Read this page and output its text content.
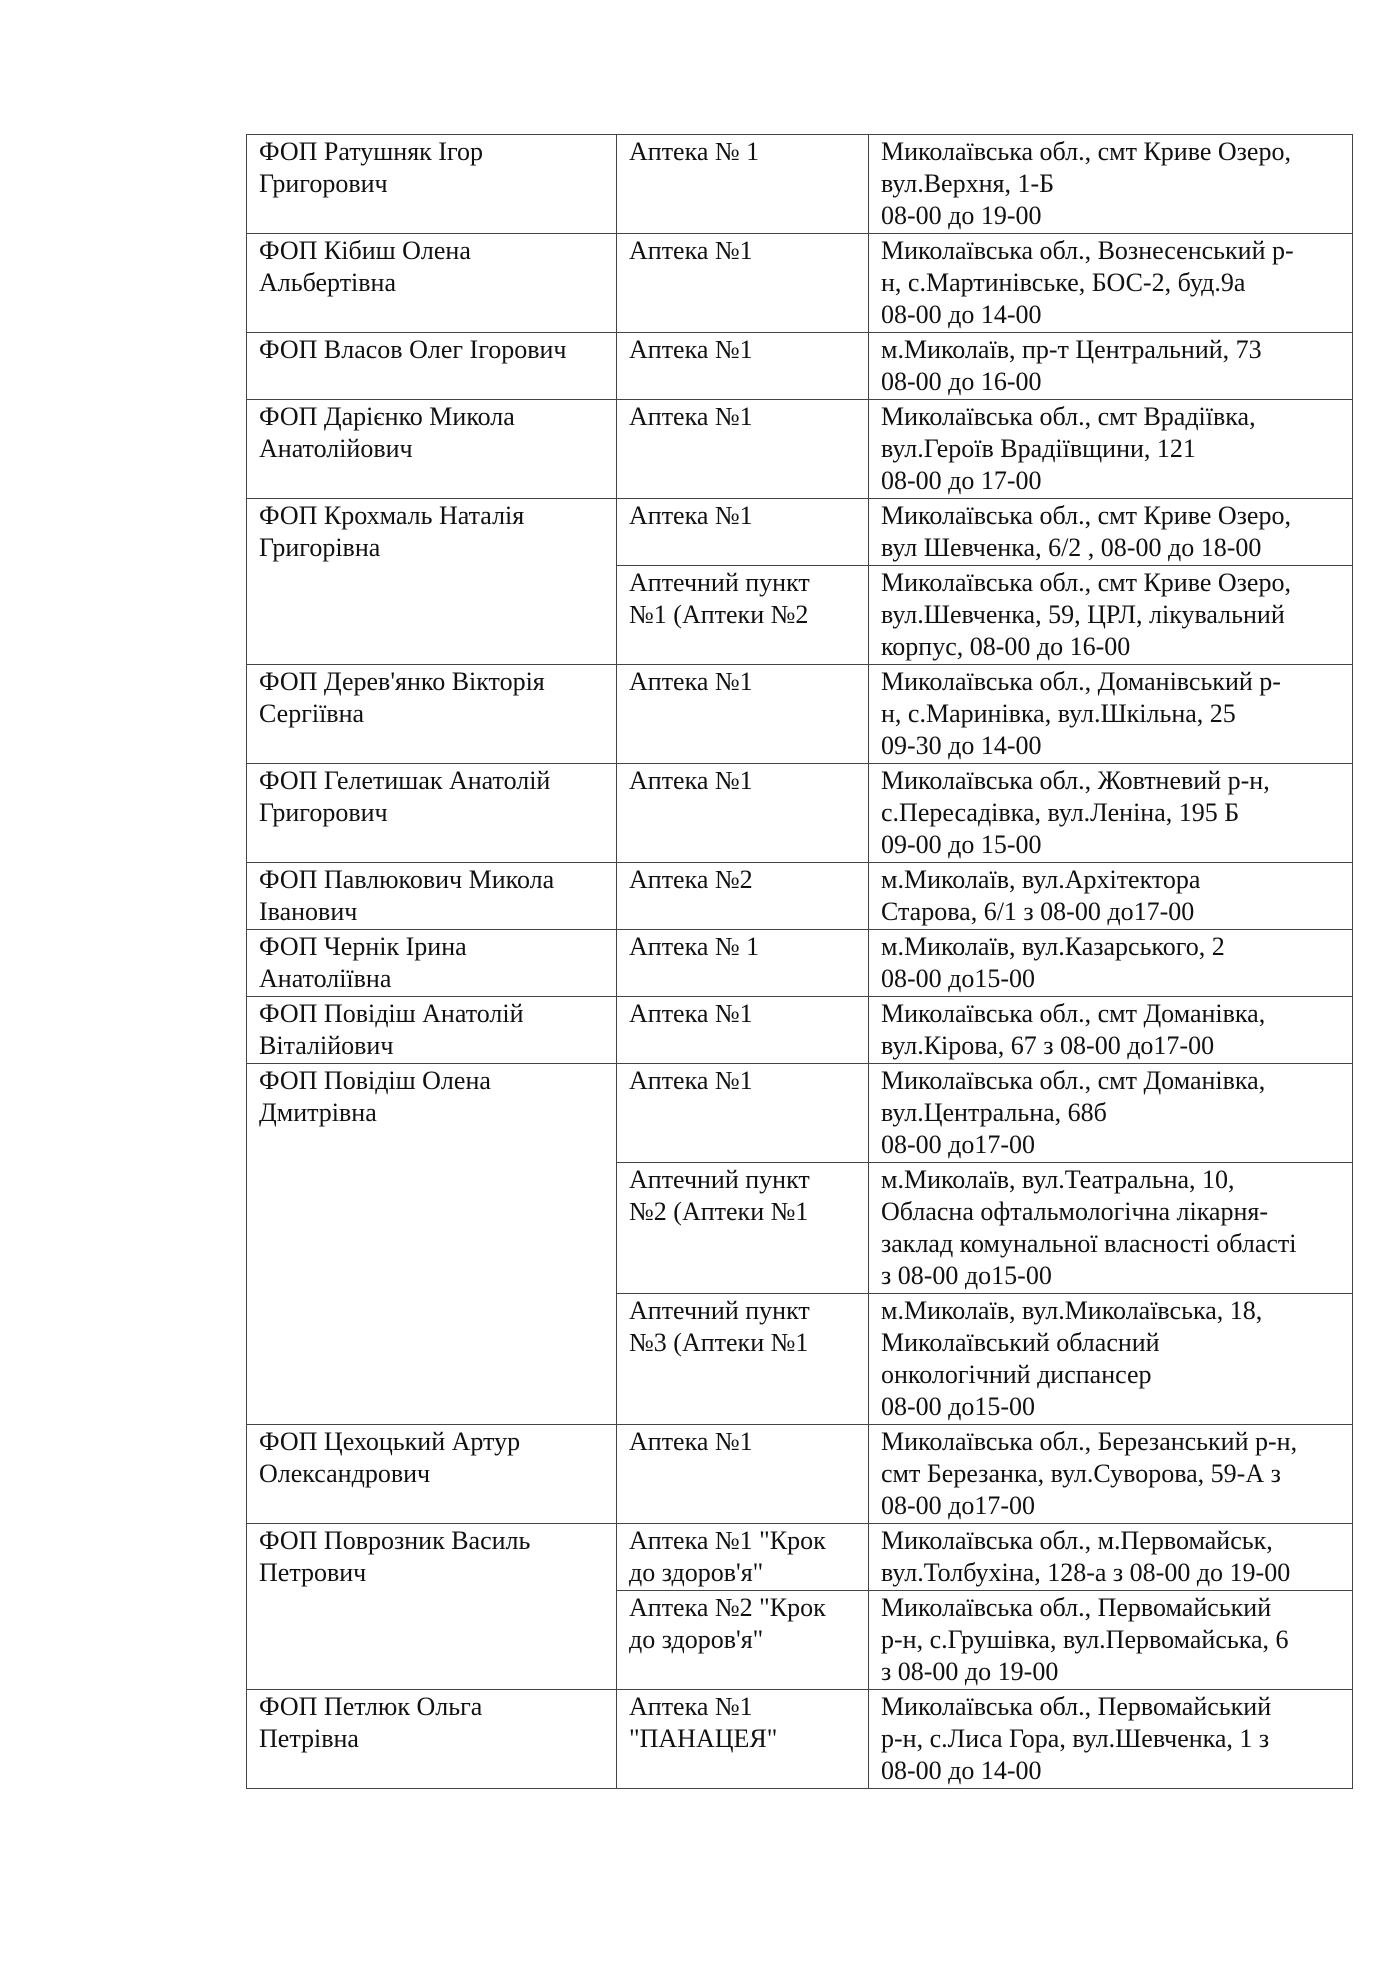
ФОП Ратушняк Ігор
Григорович	Аптека № 1	Миколаївська обл., смт Криве Озеро,
вул.Верхня, 1-Б
08-00 до 19-00
ФОП Кібиш Олена
Альбертівна	Аптека №1	Миколаївська обл., Вознесенський р-
н, с.Мартинівське, БОС-2, буд.9а
08-00 до 14-00
ФОП Власов Олег Ігорович	Аптека №1	м.Миколаїв, пр-т Центральний, 73
08-00 до 16-00
ФОП Дарієнко Микола
Анатолійович	Аптека №1	Миколаївська обл., смт Врадіївка,
вул.Героїв Врадіївщини, 121
08-00 до 17-00
ФОП Крохмаль Наталія
Григорівна	Аптека №1	Миколаївська обл., смт Криве Озеро,
вул Шевченка, 6/2 , 08-00 до 18-00
	Аптечний пункт
№1 (Аптеки №2	Миколаївська обл., смт Криве Озеро,
вул.Шевченка, 59, ЦРЛ, лікувальний
корпус, 08-00 до 16-00
ФОП Дерев'янко Вікторія
Сергіївна	Аптека №1	Миколаївська обл., Доманівський р-
н, с.Маринівка, вул.Шкільна, 25
09-30 до 14-00
ФОП Гелетишак Анатолій
Григорович	Аптека №1	Миколаївська обл., Жовтневий р-н,
с.Пересадівка, вул.Леніна, 195 Б
09-00 до 15-00
ФОП Павлюкович Микола
Іванович	Аптека №2	м.Миколаїв, вул.Архітектора
Старова, 6/1 з 08-00 до17-00
ФОП Чернік Ірина
Анатоліївна	Аптека № 1	м.Миколаїв, вул.Казарського, 2
08-00 до15-00
ФОП Повідіш Анатолій
Віталійович	Аптека №1	Миколаївська обл., смт Доманівка,
вул.Кірова, 67 з 08-00 до17-00
ФОП Повідіш Олена
Дмитрівна	Аптека №1	Миколаївська обл., смт Доманівка,
вул.Центральна, 68б
08-00 до17-00
	Аптечний пункт
№2 (Аптеки №1	м.Миколаїв, вул.Театральна, 10,
Обласна офтальмологічна лікарня-
заклад комунальної власності області
з 08-00 до15-00
	Аптечний пункт
№3 (Аптеки №1	м.Миколаїв, вул.Миколаївська, 18,
Миколаївський обласний
онкологічний диспансер
08-00 до15-00
ФОП Цехоцький Артур
Олександрович	Аптека №1	Миколаївська обл., Березанський р-н,
смт Березанка, вул.Суворова, 59-А з
08-00 до17-00
ФОП Поврозник Василь
Петрович	Аптека №1 "Крок
до здоров'я"	Миколаївська обл., м.Первомайськ,
вул.Толбухіна, 128-а з 08-00 до 19-00
	Аптека №2 "Крок
до здоров'я"	Миколаївська обл., Первомайський
р-н, с.Грушівка, вул.Первомайська, 6
з 08-00 до 19-00
ФОП Петлюк Ольга
Петрівна	Аптека №1
"ПАНАЦЕЯ"	Миколаївська обл., Первомайський
р-н, с.Лиса Гора, вул.Шевченка, 1 з
08-00 до 14-00
